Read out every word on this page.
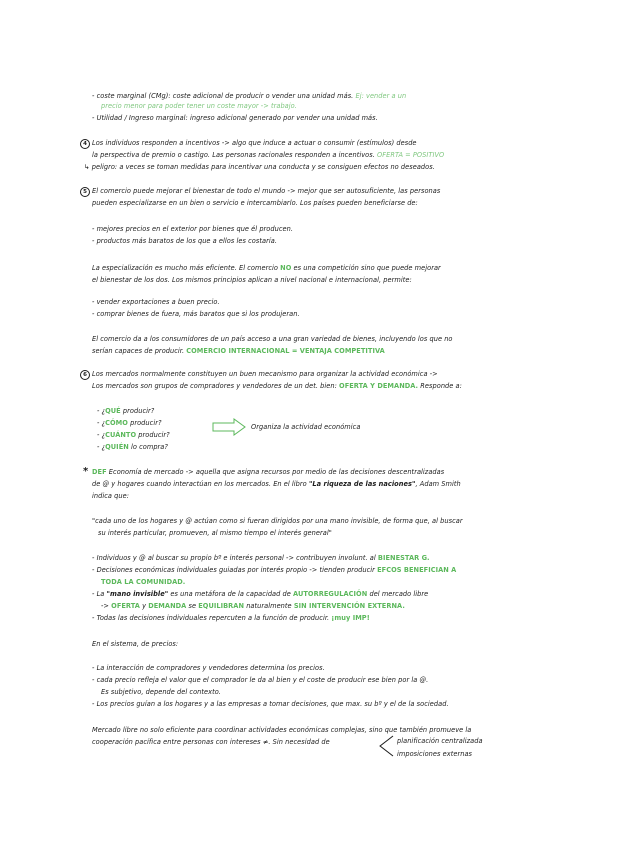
- coste marginal (CMg): coste adicional de producir o vender una unidad más. Ej: vender a un
precio menor para poder tener un coste mayor -> trabajo.
- Utilidad / Ingreso marginal: ingreso adicional generado por vender una unidad más.
4 Los individuos responden a incentivos -> algo que induce a actuar o consumir (estímulos) desde
la perspectiva de premio o castigo. Las personas racionales responden a incentivos. OFERTA = POSITIVO
↳ peligro: a veces se toman medidas para incentivar una conducta y se consiguen efectos no deseados.
5 El comercio puede mejorar el bienestar de todo el mundo -> mejor que ser autosuficiente, las personas
pueden especializarse en un bien o servicio e intercambiarlo. Los países pueden beneficiarse de:
- mejores precios en el exterior por bienes que él producen.
- productos más baratos de los que a ellos les costaría.
La especialización es mucho más eficiente. El comercio NO es una competición sino que puede mejorar
el bienestar de los dos. Los mismos principios aplican a nivel nacional e internacional, permite:
- vender exportaciones a buen precio.
- comprar bienes de fuera, más baratos que si los produjeran.
El comercio da a los consumidores de un país acceso a una gran variedad de bienes, incluyendo los que no
serían capaces de producir. COMERCIO INTERNACIONAL = VENTAJA COMPETITIVA
6 Los mercados normalmente constituyen un buen mecanismo para organizar la actividad económica ->
Los mercados son grupos de compradores y vendedores de un det. bien: OFERTA Y DEMANDA. Responde a:
- ¿QUÉ producir?
- ¿CÓMO producir?
- ¿CUÁNTO producir?
- ¿QUIÉN lo compra?
Organiza la actividad económica
* DEF Economía de mercado -> aquella que asigna recursos por medio de las decisiones descentralizadas
de @ y hogares cuando interactúan en los mercados. En el libro "La riqueza de las naciones", Adam Smith
indica que:
"cada uno de los hogares y @ actúan como si fueran dirigidos por una mano invisible, de forma que, al buscar
su interés particular, promueven, al mismo tiempo el interés general"
- Individuos y @ al buscar su propio bº e interés personal -> contribuyen involunt. al BIENESTAR G.
- Decisiones económicas individuales guiadas por interés propio -> tienden producir EFCOS BENEFICIAN A
TODA LA COMUNIDAD.
- La "mano invisible" es una metáfora de la capacidad de AUTORREGULACIÓN del mercado libre
-> OFERTA y DEMANDA se EQUILIBRAN naturalmente SIN INTERVENCIÓN EXTERNA.
- Todas las decisiones individuales repercuten a la función de producir. ¡muy IMP!
En el sistema, de precios:
- La interacción de compradores y vendedores determina los precios.
- cada precio refleja el valor que el comprador le da al bien y el coste de producir ese bien por la @.
Es subjetivo, depende del contexto.
- Los precios guían a los hogares y a las empresas a tomar decisiones, que max. su bº y el de la sociedad.
Mercado libre no solo eficiente para coordinar actividades económicas complejas, sino que también promueve la
cooperación pacífica entre personas con intereses ≠. Sin necesidad de	planificación centralizada
imposiciones externas
